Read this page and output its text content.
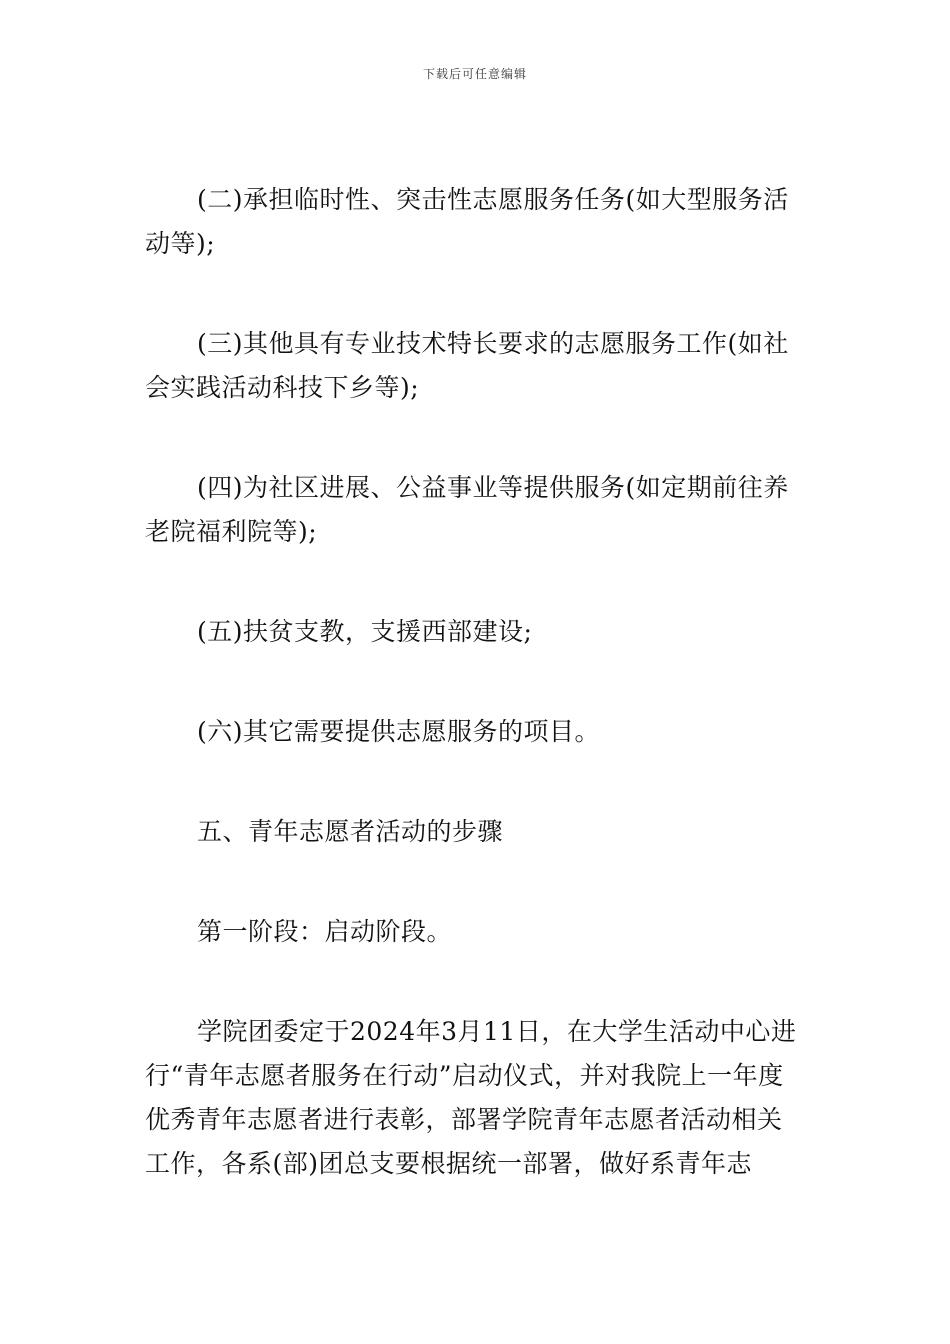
下载后可任意编辑

(二)承担临时性、突击性志愿服务任务(如大型服务活动等);

(三)其他具有专业技术特长要求的志愿服务工作(如社会实践活动科技下乡等);

(四)为社区进展、公益事业等提供服务(如定期前往养老院福利院等);

(五)扶贫支教，支援西部建设;

(六)其它需要提供志愿服务的项目。

五、青年志愿者活动的步骤

第一阶段：启动阶段。

学院团委定于2024年3月11日，在大学生活动中心进行“青年志愿者服务在行动”启动仪式，并对我院上一年度优秀青年志愿者进行表彰，部署学院青年志愿者活动相关工作，各系(部)团总支要根据统一部署，做好系青年志
